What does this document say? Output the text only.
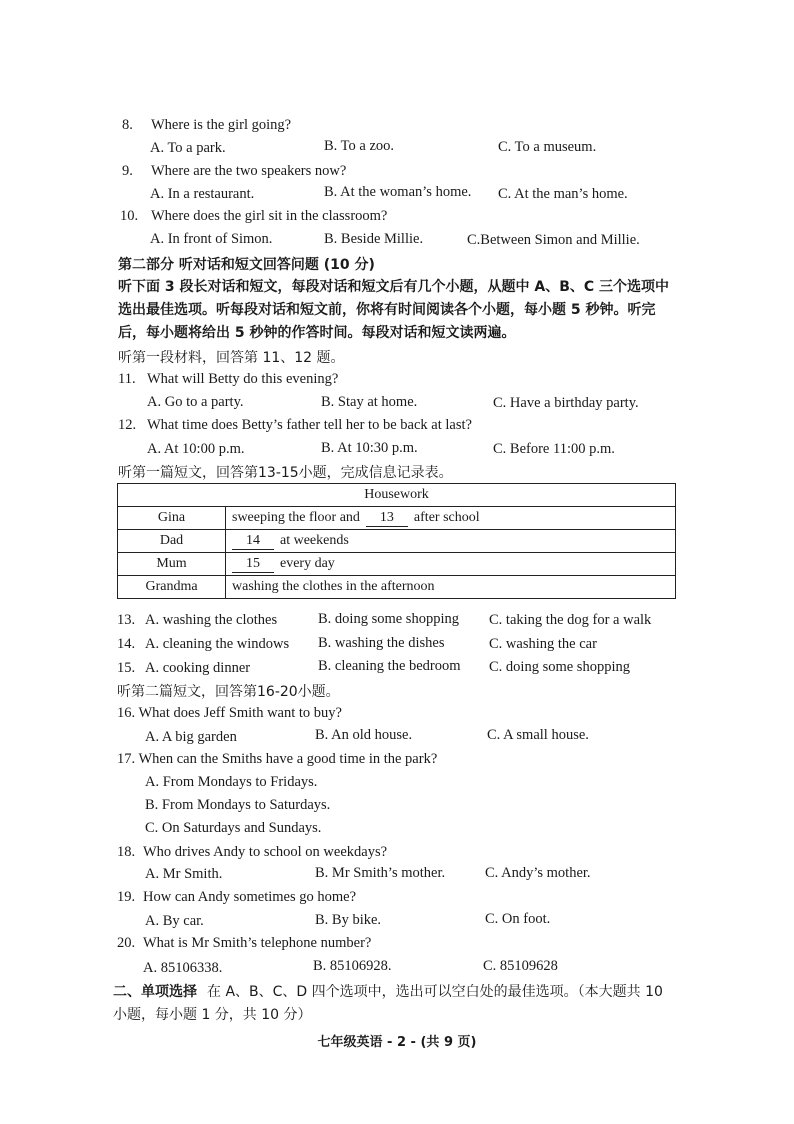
8. Where is the girl going?
A. To a park.	B. To a zoo.	C. To a museum.
9. Where are the two speakers now?
A. In a restaurant.	B. At the woman’s home. C. At the man’s home.
10. Where does the girl sit in the classroom?
A. In front of Simon.	B. Beside Millie.	C.Between Simon and Millie.
第二部分 听对话和短文回答问题 (10 分)
听下面 3 段长对话和短文，每段对话和短文后有几个小题，从题中 A、B、C 三个选项中选出最佳选项。听每段对话和短文前，你将有时间阅读各个小题，每小题 5 秒钟。听完后，每小题将给出 5 秒钟的作答时间。每段对话和短文读两遍。
听第一段材料，回答第 11、12 题。
11. What will Betty do this evening?
A. Go to a party.	B. Stay at home.	C. Have a birthday party.
12. What time does Betty’s father tell her to be back at last?
A. At 10:00 p.m.	B. At 10:30 p.m.	C. Before 11:00 p.m.
听第一篇短文，回答第13-15小题，完成信息记录表。
Housework	
Gina	sweeping the floor and 13 after school
Dad	14 at weekends
Mum	15 every day
Grandma	washing the clothes in the afternoon
13. A. washing the clothes	B. doing some shopping C. taking the dog for a walk
14. A. cleaning the windows B. washing the dishes	C. washing the car
15. A. cooking dinner	B. cleaning the bedroom C. doing some shopping
听第二篇短文，回答第16-20小题。
16. What does Jeff Smith want to buy?
A. A big garden	B. An old house.	C. A small house.
17. When can the Smiths have a good time in the park?
A. From Mondays to Fridays.
B. From Mondays to Saturdays.
C. On Saturdays and Sundays.
18. Who drives Andy to school on weekdays?
A. Mr Smith.	B. Mr Smith’s mother.	C. Andy’s mother.
19. How can Andy sometimes go home?
A. By car.	B. By bike.	C. On foot.
20. What is Mr Smith’s telephone number?
A. 85106338.	B. 85106928.	C. 85109628
二、单项选择 在 A、B、C、D 四个选项中，选出可以空白处的最佳选项。（本大题共 10 小题，每小题 1 分，共 10 分）
七年级英语 - 2 - (共 9 页)
